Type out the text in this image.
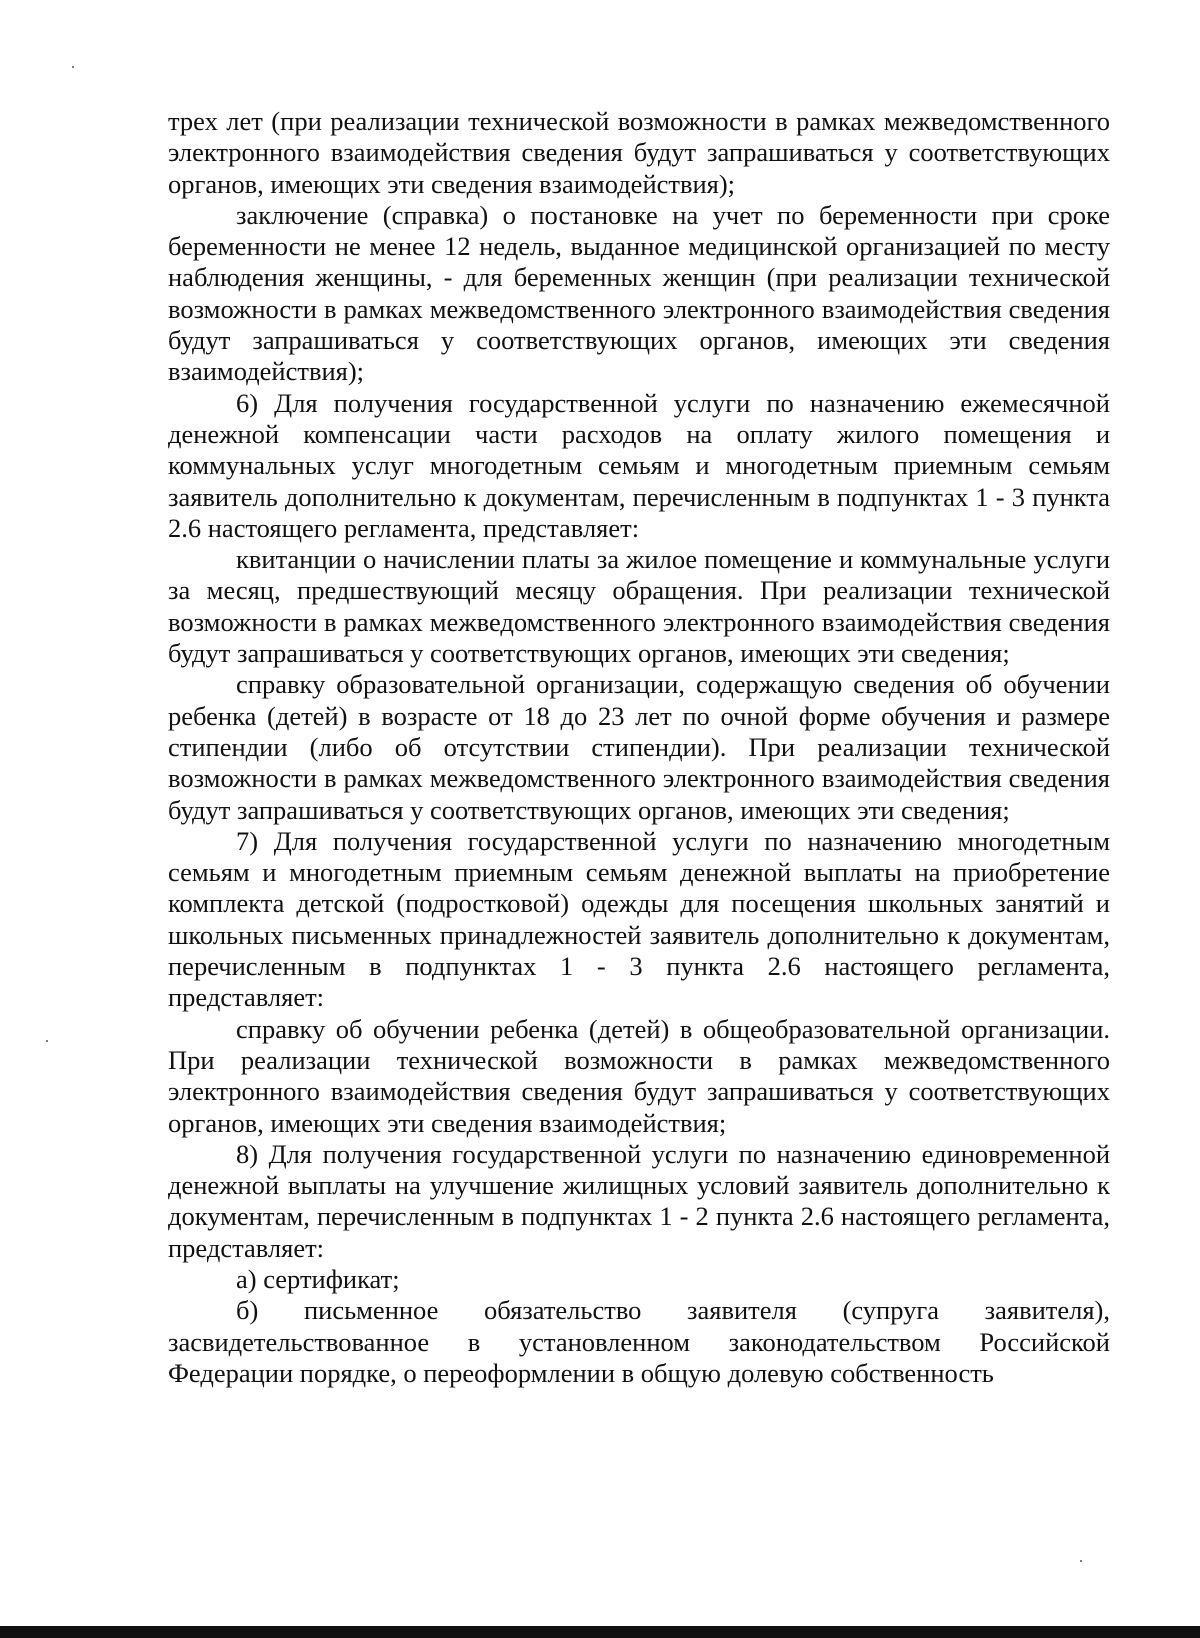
трех лет (при реализации технической возможности в рамках межведомственного электронного взаимодействия сведения будут запрашиваться у соответствующих органов, имеющих эти сведения взаимодействия);

заключение (справка) о постановке на учет по беременности при сроке беременности не менее 12 недель, выданное медицинской организацией по месту наблюдения женщины, - для беременных женщин (при реализации технической возможности в рамках межведомственного электронного взаимодействия сведения будут запрашиваться у соответствующих органов, имеющих эти сведения взаимодействия);

6) Для получения государственной услуги по назначению ежемесячной денежной компенсации части расходов на оплату жилого помещения и коммунальных услуг многодетным семьям и многодетным приемным семьям заявитель дополнительно к документам, перечисленным в подпунктах 1 - 3 пункта 2.6 настоящего регламента, представляет:

квитанции о начислении платы за жилое помещение и коммунальные услуги за месяц, предшествующий месяцу обращения. При реализации технической возможности в рамках межведомственного электронного взаимодействия сведения будут запрашиваться у соответствующих органов, имеющих эти сведения;

справку образовательной организации, содержащую сведения об обучении ребенка (детей) в возрасте от 18 до 23 лет по очной форме обучения и размере стипендии (либо об отсутствии стипендии). При реализации технической возможности в рамках межведомственного электронного взаимодействия сведения будут запрашиваться у соответствующих органов, имеющих эти сведения;

7) Для получения государственной услуги по назначению многодетным семьям и многодетным приемным семьям денежной выплаты на приобретение комплекта детской (подростковой) одежды для посещения школьных занятий и школьных письменных принадлежностей заявитель дополнительно к документам, перечисленным в подпунктах 1 - 3 пункта 2.6 настоящего регламента, представляет:

справку об обучении ребенка (детей) в общеобразовательной организации. При реализации технической возможности в рамках межведомственного электронного взаимодействия сведения будут запрашиваться у соответствующих органов, имеющих эти сведения взаимодействия;

8) Для получения государственной услуги по назначению единовременной денежной выплаты на улучшение жилищных условий заявитель дополнительно к документам, перечисленным в подпунктах 1 - 2 пункта 2.6 настоящего регламента, представляет:

а) сертификат;

б) письменное обязательство заявителя (супруга заявителя), засвидетельствованное в установленном законодательством Российской Федерации порядке, о переоформлении в общую долевую собственность
